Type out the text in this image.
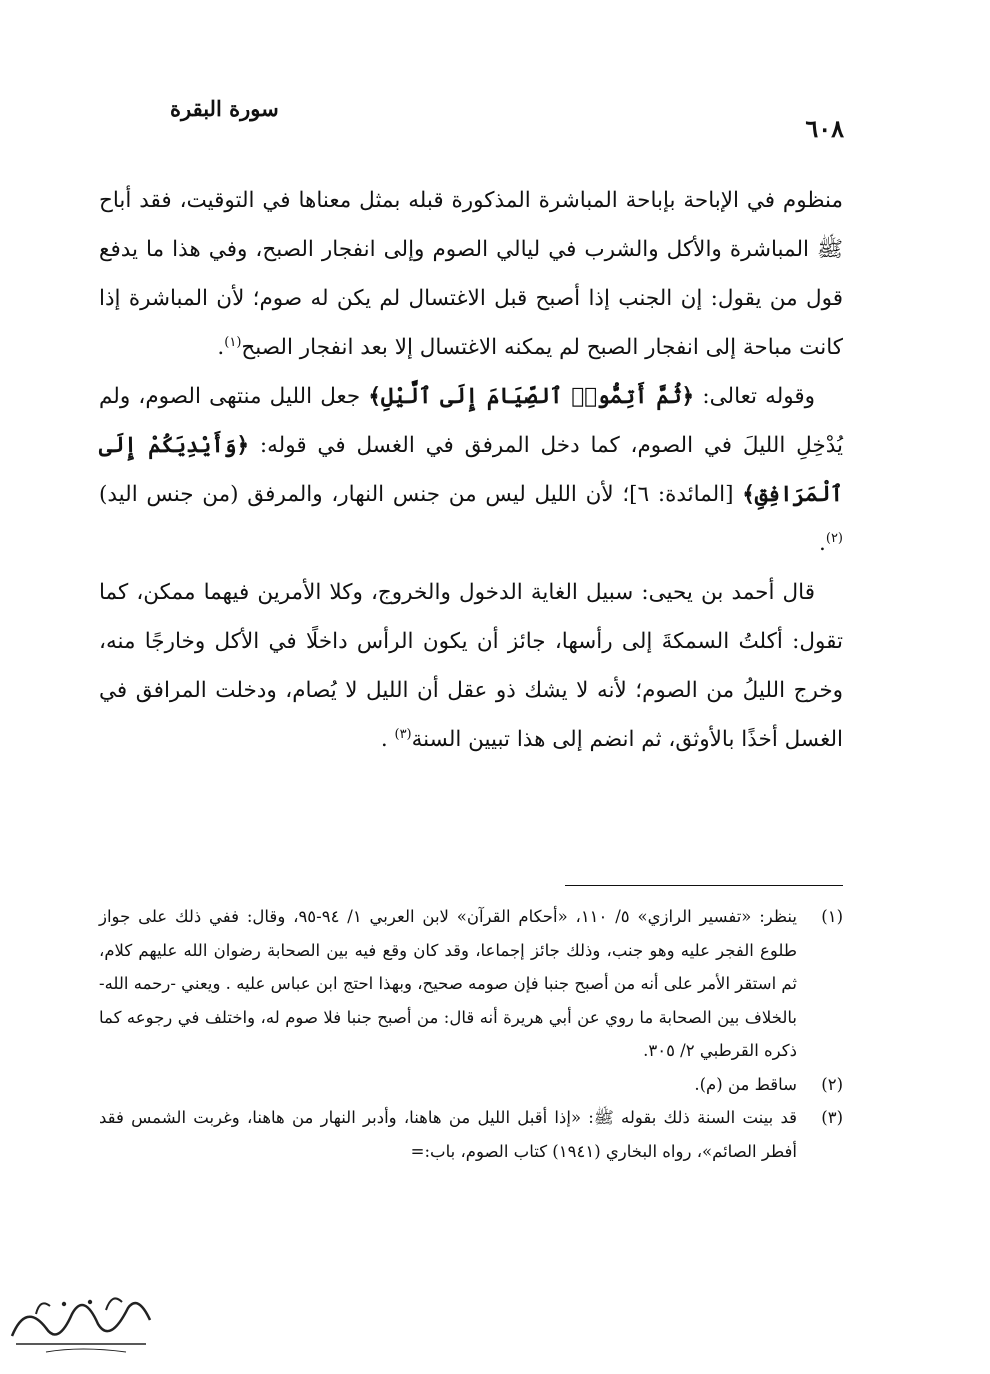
٦٠٨
سورة البقرة

منظوم في الإباحة بإباحة المباشرة المذكورة قبله بمثل معناها في التوقيت، فقد أباح ﷺ المباشرة والأكل والشرب في ليالي الصوم وإلى انفجار الصبح، وفي هذا ما يدفع قول من يقول: إن الجنب إذا أصبح قبل الاغتسال لم يكن له صوم؛ لأن المباشرة إذا كانت مباحة إلى انفجار الصبح لم يمكنه الاغتسال إلا بعد انفجار الصبح$^{(١)}$.

وقوله تعالى: ﴿ثُمَّ أَتِمُّوا۟ ٱلصِّيَامَ إِلَى ٱلَّيْلِ﴾ جعل الليل منتهى الصوم، ولم يُدْخِلِ الليلَ في الصوم، كما دخل المرفق في الغسل في قوله: ﴿وَأَيْدِيَكُمْ إِلَى ٱلْمَرَافِقِ﴾ [المائدة: ٦]؛ لأن الليل ليس من جنس النهار، والمرفق (من جنس اليد)$^{(٢)}$.

قال أحمد بن يحيى: سبيل الغاية الدخول والخروج، وكلا الأمرين فيهما ممكن، كما تقول: أكلتُ السمكةَ إلى رأسها، جائز أن يكون الرأس داخلًا في الأكل وخارجًا منه، وخرج الليلُ من الصوم؛ لأنه لا يشك ذو عقل أن الليل لا يُصام، ودخلت المرافق في الغسل أخذًا بالأوثق، ثم انضم إلى هذا تبيين السنة$^{(٣)}$ .

(١)
ينظر: «تفسير الرازي» ٥/ ١١٠، «أحكام القرآن» لابن العربي ١/ ٩٤-٩٥، وقال: ففي ذلك على جواز طلوع الفجر عليه وهو جنب، وذلك جائز إجماعا، وقد كان وقع فيه بين الصحابة رضوان الله عليهم كلام، ثم استقر الأمر على أنه من أصبح جنبا فإن صومه صحيح، وبهذا احتج ابن عباس عليه . ويعني -رحمه الله- بالخلاف بين الصحابة ما روي عن أبي هريرة أنه قال: من أصبح جنبا فلا صوم له، واختلف في رجوعه كما ذكره القرطبي ٢/ ٣٠٥.
(٢)
ساقط من (م).
(٣)
قد بينت السنة ذلك بقوله ﷺ: «إذا أقبل الليل من هاهنا، وأدبر النهار من هاهنا، وغربت الشمس فقد أفطر الصائم»، رواه البخاري (١٩٤١) كتاب الصوم، باب:=
